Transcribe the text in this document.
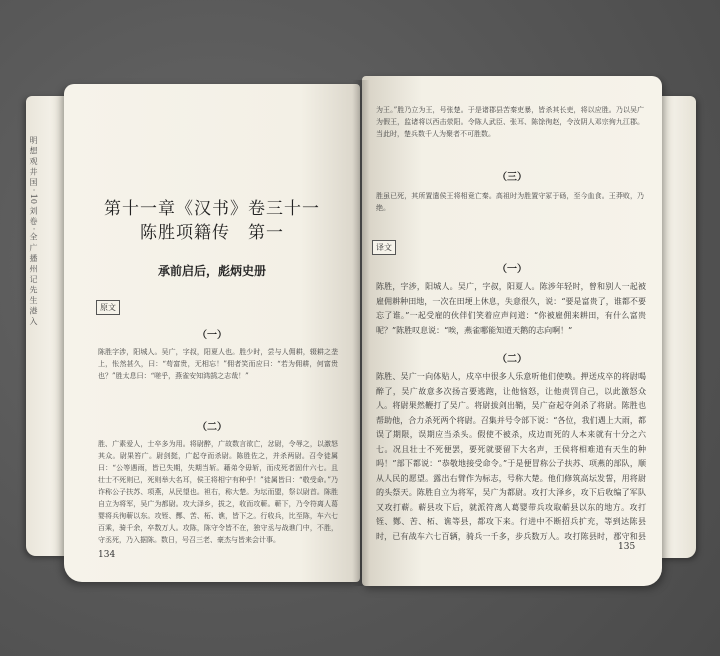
明 想 观 井 国 · 10 刘 卷 · 全 广 播 州 记 先 生 港 入	第十一章《汉书》卷三十一
陈胜项籍传　第一
承前启后，彪炳史册
原文
（一）
陈胜字涉，阳城人。吴广，字叔，阳夏人也。胜少时，尝与人佣耕，辍耕之垄上，怅然甚久，曰：“苟富贵，无相忘！”佣者笑而应曰：“若为佣耕，何富贵也？”胜太息曰：“嗟乎，燕雀安知鸿鹄之志哉！”
（二）
胜、广素爱人，士卒多为用。将尉醉，广故数言欲亡，忿尉，令辱之，以激怒其众。尉果笞广。尉剑挺，广起夺而杀尉。陈胜佐之，并杀两尉。召令徒属曰：“公等遇雨，皆已失期，失期当斩。藉弟令毋斩，而戍死者固什六七。且壮士不死则已，死则举大名耳，侯王将相宁有种乎！”徒属皆曰：“敬受命。”乃诈称公子扶苏、项燕，从民望也。袒右，称大楚。为坛而盟，祭以尉首。陈胜自立为将军，吴广为都尉。攻大泽乡，拔之，收而攻蕲。蕲下，乃令符离人葛婴将兵徇蕲以东。攻铚、酂、苦、柘、谯，皆下之。行收兵，比至陈，车六七百乘，骑千余，卒数万人。攻陈，陈守令皆不在，独守丞与战谯门中，不胜，守丞死，乃入据陈。数日，号召三老、豪杰与皆来会计事。
134
为王。”胜乃立为王，号张楚。于是诸郡县苦秦吏暴，皆杀其长吏，将以应胜。乃以吴广为假王，监诸将以西击荥阳。令陈人武臣、张耳、陈馀徇赵，令汝阴人邓宗徇九江郡。当此时，楚兵数千人为聚者不可胜数。
（三）
胜虽已死，其所置遣侯王将相竟亡秦。高祖时为胜置守冢于砀，至今血食。王莽败，乃绝。
译文
（一）
陈胜，字涉，阳城人。吴广，字叔，阳夏人。陈涉年轻时，曾和别人一起被雇佣耕种田地，一次在田埂上休息，失意很久，说：“要是富贵了，谁都不要忘了谁。”一起受雇的伙伴们笑着应声问道：“你被雇佣来耕田，有什么富贵呢？”陈胜叹息说：“唉，燕雀哪能知道天鹅的志向啊！”
（二）
陈胜、吴广一向体贴人，戍卒中很多人乐意听他们使唤。押送戍卒的将尉喝醉了，吴广故意多次扬言要逃跑，让他恼怒，让他责罚自己，以此激怒众人。将尉果然鞭打了吴广。将尉拔剑出鞘，吴广奋起夺剑杀了将尉。陈胜也帮助他，合力杀死两个将尉。召集并号令部下说：“各位，我们遇上大雨，都误了期限，误期应当杀头。假使不被杀，戍边而死的人本来就有十分之六七。况且壮士不死便罢，要死就要留下大名声，王侯将相难道有天生的种吗！”部下都说：“恭敬地接受命令。”于是便冒称公子扶苏、项燕的部队，顺从人民的愿望。露出右臂作为标志，号称大楚。他们修筑高坛发誓，用将尉的头祭天。陈胜自立为将军，吴广为都尉。攻打大泽乡，攻下后收编了军队又攻打蕲。蕲县攻下后，就派符离人葛婴带兵攻取蕲县以东的地方。攻打铚、酂、苦、柘、谯等县，都攻下来。行进中不断招兵扩充，等到达陈县时，已有战车六七百辆，骑兵一千多，步兵数万人。攻打陈县时，郡守和县
135
